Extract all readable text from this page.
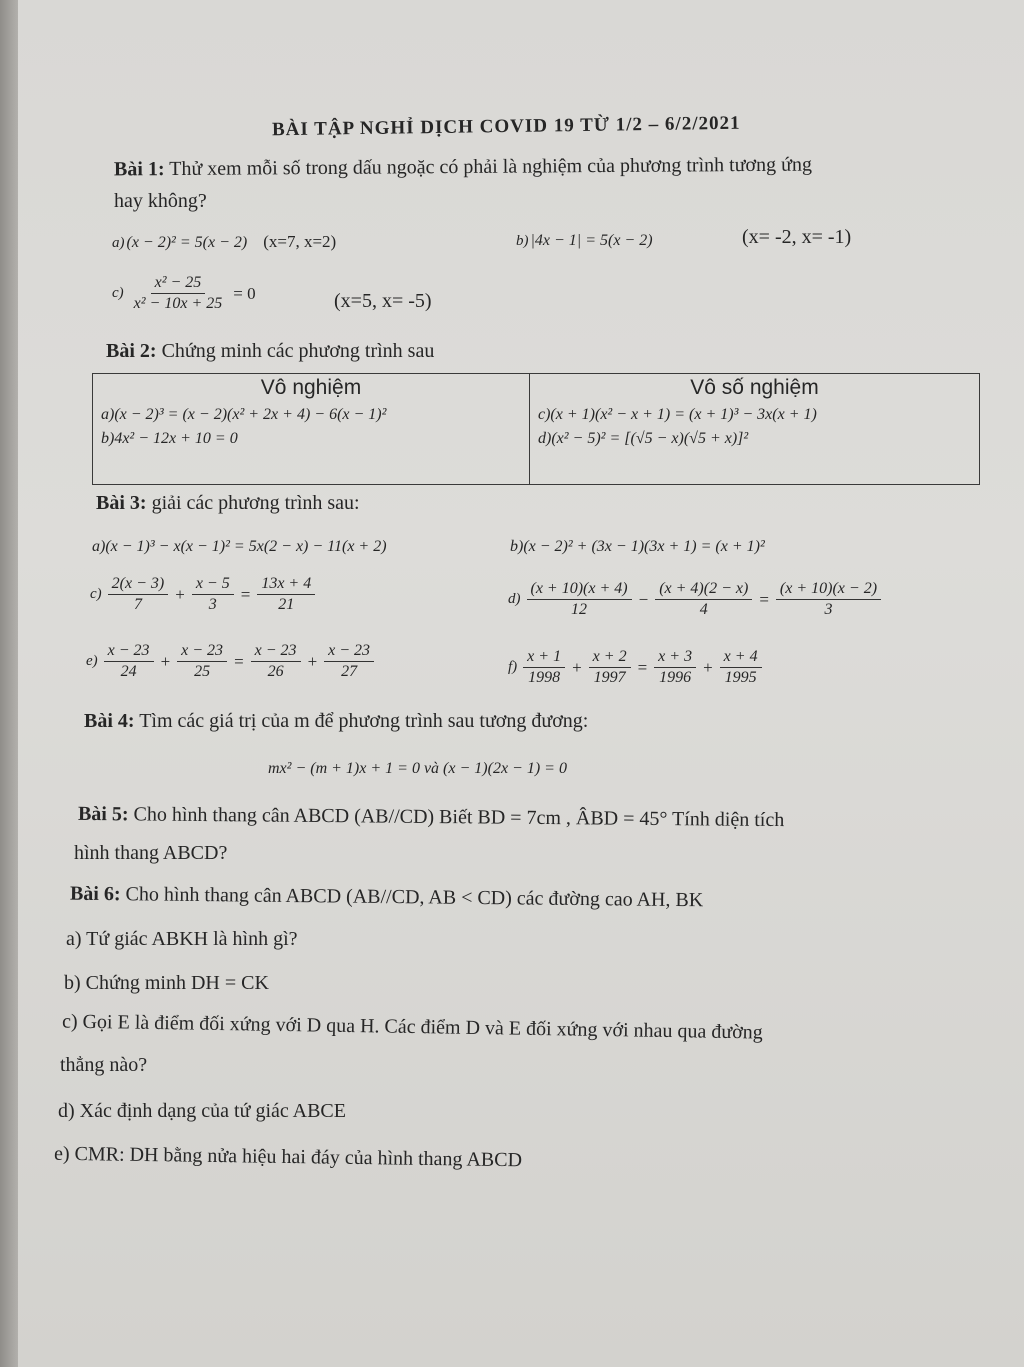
BÀI TẬP NGHỈ DỊCH COVID 19 TỪ 1/2 – 6/2/2021
Bài 1: Thử xem mỗi số trong dấu ngoặc có phải là nghiệm của phương trình tương ứng
hay không?
a) (x − 2)² = 5(x − 2) (x=7, x=2)	b) |4x − 1| = 5(x − 2)	(x= -2, x= -1)
$c) \frac{\text{x² − 25}}{\text{x² − 10x + 25}} = 0$	(x=5, x= -5)
Bài 2: Chứng minh các phương trình sau
Vô nghiệm
a)(x − 2)³ = (x − 2)(x² + 2x + 4) − 6(x − 1)²
b)4x² − 12x + 10 = 0

Vô số nghiệm
c)(x + 1)(x² − x + 1) = (x + 1)³ − 3x(x + 1)
d)(x² − 5)² = [(√5 − x)(√5 + x)]²
Bài 3: giải các phương trình sau:
a)(x − 1)³ − x(x − 1)² = 5x(2 − x) − 11(x + 2)	b)(x − 2)² + (3x − 1)(3x + 1) = (x + 1)²
$c) \frac{2(x - 3)}{7} + \frac{x - 5}{3} = \frac{13x + 4}{21}$	$d) \frac{(x + 10)(x + 4)}{12} - \frac{(x + 4)(2 - x)}{4} = \frac{(x + 10)(x - 2)}{3}$
$e) \frac{x - 23}{24} + \frac{x - 23}{25} = \frac{x - 23}{26} + \frac{x - 23}{27}$	$f) \frac{x + 1}{1998} + \frac{x + 2}{1997} = \frac{x + 3}{1996} + \frac{x + 4}{1995}$
Bài 4: Tìm các giá trị của m để phương trình sau tương đương:
mx² − (m + 1)x + 1 = 0 và (x − 1)(2x − 1) = 0
Bài 5: Cho hình thang cân ABCD (AB//CD) Biết BD = 7cm , ÂBD = 45° Tính diện tích
hình thang ABCD?
Bài 6: Cho hình thang cân ABCD (AB//CD, AB < CD) các đường cao AH, BK
a) Tứ giác ABKH là hình gì?
b) Chứng minh DH = CK
c) Gọi E là điểm đối xứng với D qua H. Các điểm D và E đối xứng với nhau qua đường
thẳng nào?
d) Xác định dạng của tứ giác ABCE
e) CMR: DH bằng nửa hiệu hai đáy của hình thang ABCD
